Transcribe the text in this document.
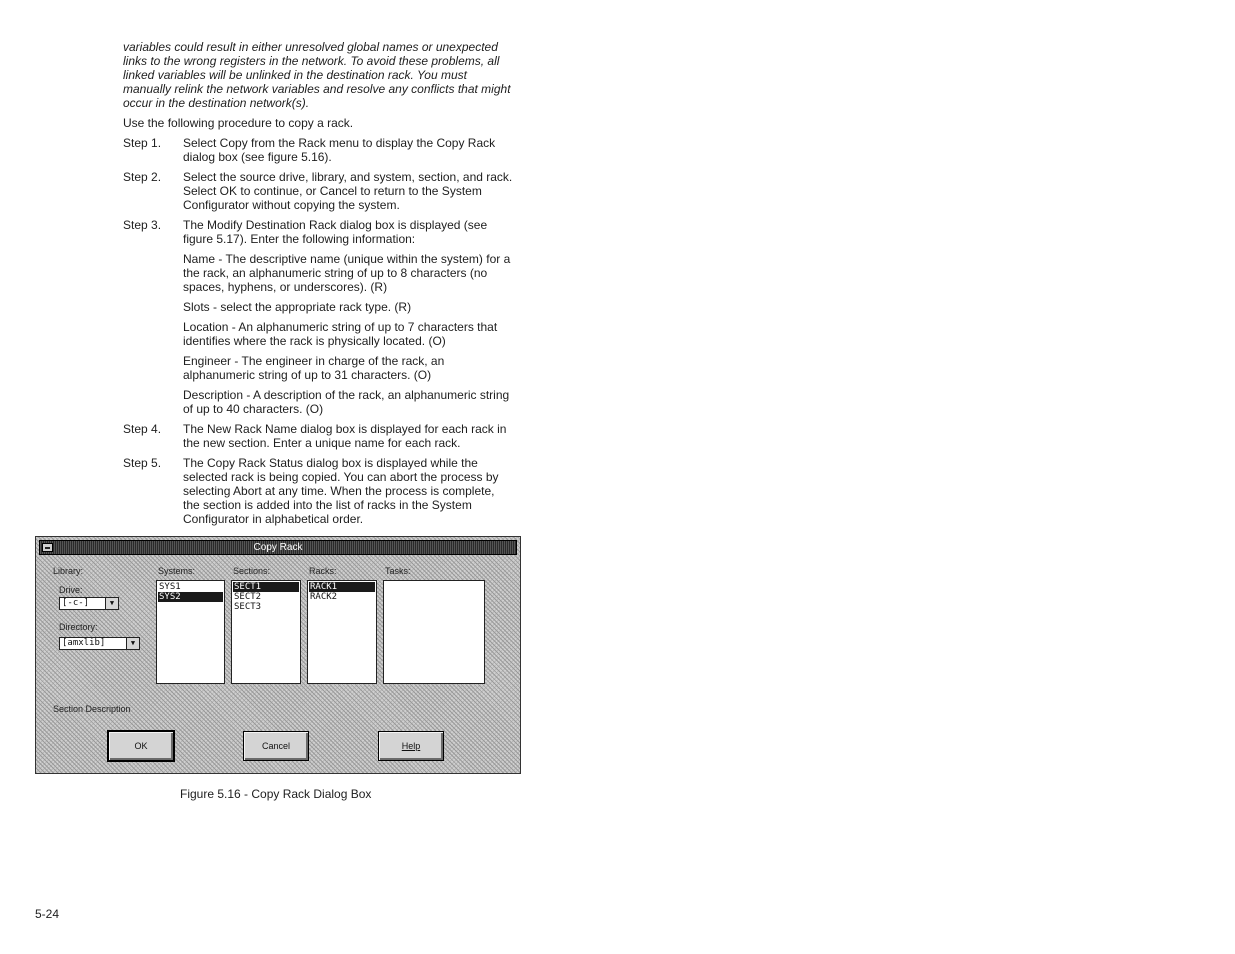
variables could result in either unresolved global names or unexpected links to the wrong registers in the network. To avoid these problems, all linked variables will be unlinked in the destination rack. You must manually relink the network variables and resolve any conflicts that might occur in the destination network(s).

Use the following procedure to copy a rack.

Step 1.	Select Copy from the Rack menu to display the Copy Rack dialog box (see figure 5.16).

Step 2.	Select the source drive, library, and system, section, and rack. Select OK to continue, or Cancel to return to the System Configurator without copying the system.

Step 3.	The Modify Destination Rack dialog box is displayed (see figure 5.17). Enter the following information:

Name - The descriptive name (unique within the system) for a the rack, an alphanumeric string of up to 8 characters (no spaces, hyphens, or underscores). (R)

Slots - select the appropriate rack type. (R)

Location - An alphanumeric string of up to 7 characters that identifies where the rack is physically located. (O)

Engineer - The engineer in charge of the rack, an alphanumeric string of up to 31 characters. (O)

Description - A description of the rack, an alphanumeric string of up to 40 characters. (O)

Step 4.	The New Rack Name dialog box is displayed for each rack in the new section. Enter a unique name for each rack.

Step 5.	The Copy Rack Status dialog box is displayed while the selected rack is being copied. You can abort the process by selecting Abort at any time. When the process is complete, the section is added into the list of racks in the System Configurator in alphabetical order.

Copy Rack
Library:
Drive:
[-c-]	▼
Directory:
[amxlib]	▼
Systems:
SYS1
SYS2
Sections:
SECT1
SECT2
SECT3
Racks:
RACK1
RACK2
Tasks:
Section Description
OK	Cancel	Help
Figure 5.16 - Copy Rack Dialog Box
5-24
